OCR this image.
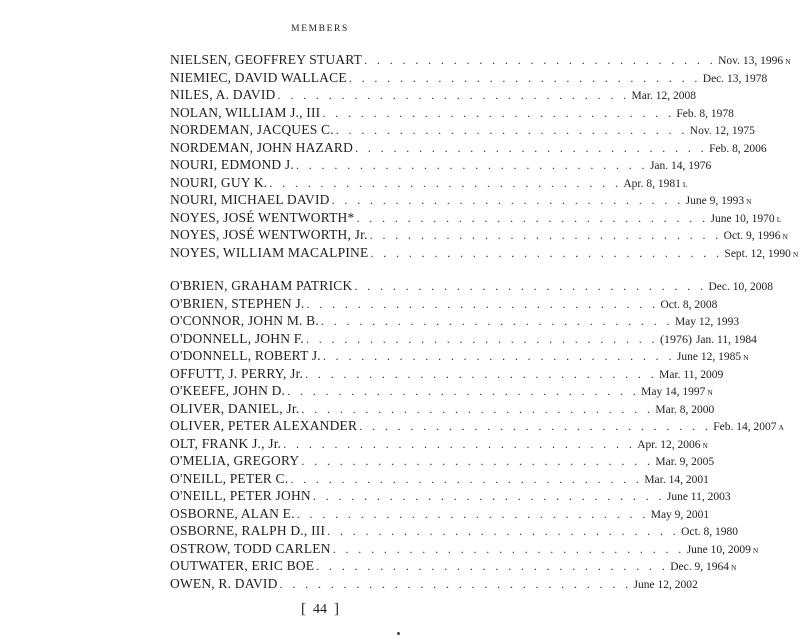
MEMBERS
NIELSEN, GEOFFREY STUART . . . . . . . . . . . . . . . . . . . . . . . . . . . . Nov. 13, 1996 N
NIEMIEC, DAVID WALLACE . . . . . . . . . . . . . . . . . . . . . . . . . . . . Dec. 13, 1978
NILES, A. DAVID . . . . . . . . . . . . . . . . . . . . . . . . . . . . Mar. 12, 2008
NOLAN, WILLIAM J., III . . . . . . . . . . . . . . . . . . . . . . . . . . . . Feb. 8, 1978
NORDEMAN, JACQUES C. . . . . . . . . . . . . . . . . . . . . . . . . . . . . Nov. 12, 1975
NORDEMAN, JOHN HAZARD . . . . . . . . . . . . . . . . . . . . . . . . . . . . Feb. 8, 2006
NOURI, EDMOND J. . . . . . . . . . . . . . . . . . . . . . . . . . . . . Jan. 14, 1976
NOURI, GUY K. . . . . . . . . . . . . . . . . . . . . . . . . . . . . Apr. 8, 1981 L
NOURI, MICHAEL DAVID . . . . . . . . . . . . . . . . . . . . . . . . . . . . June 9, 1993 N
NOYES, JOSÉ WENTWORTH* . . . . . . . . . . . . . . . . . . . . . . . . . . . . June 10, 1970 L
NOYES, JOSÉ WENTWORTH, Jr. . . . . . . . . . . . . . . . . . . . . . . . . . . . . Oct. 9, 1996 N
NOYES, WILLIAM MACALPINE . . . . . . . . . . . . . . . . . . . . . . . . . . . . Sept. 12, 1990 N
O'BRIEN, GRAHAM PATRICK . . . . . . . . . . . . . . . . . . . . . . . . . . . . Dec. 10, 2008
O'BRIEN, STEPHEN J. . . . . . . . . . . . . . . . . . . . . . . . . . . . . Oct. 8, 2008
O'CONNOR, JOHN M. B. . . . . . . . . . . . . . . . . . . . . . . . . . . . . May 12, 1993
O'DONNELL, JOHN F. . . . . . . . . . . . . . . . . . . . . . . . . . . . . (1976) Jan. 11, 1984
O'DONNELL, ROBERT J. . . . . . . . . . . . . . . . . . . . . . . . . . . . . June 12, 1985 N
OFFUTT, J. PERRY, Jr. . . . . . . . . . . . . . . . . . . . . . . . . . . . . Mar. 11, 2009
O'KEEFE, JOHN D. . . . . . . . . . . . . . . . . . . . . . . . . . . . . May 14, 1997 N
OLIVER, DANIEL, Jr. . . . . . . . . . . . . . . . . . . . . . . . . . . . . Mar. 8, 2000
OLIVER, PETER ALEXANDER . . . . . . . . . . . . . . . . . . . . . . . . . . . . Feb. 14, 2007 A
OLT, FRANK J., Jr. . . . . . . . . . . . . . . . . . . . . . . . . . . . . Apr. 12, 2006 N
O'MELIA, GREGORY . . . . . . . . . . . . . . . . . . . . . . . . . . . . Mar. 9, 2005
O'NEILL, PETER C. . . . . . . . . . . . . . . . . . . . . . . . . . . . . Mar. 14, 2001
O'NEILL, PETER JOHN . . . . . . . . . . . . . . . . . . . . . . . . . . . . June 11, 2003
OSBORNE, ALAN E. . . . . . . . . . . . . . . . . . . . . . . . . . . . . May 9, 2001
OSBORNE, RALPH D., III . . . . . . . . . . . . . . . . . . . . . . . . . . . . Oct. 8, 1980
OSTROW, TODD CARLEN . . . . . . . . . . . . . . . . . . . . . . . . . . . . June 10, 2009 N
OUTWATER, ERIC BOE . . . . . . . . . . . . . . . . . . . . . . . . . . . . Dec. 9, 1964 N
OWEN, R. DAVID . . . . . . . . . . . . . . . . . . . . . . . . . . . . June 12, 2002
[ 44 ]
